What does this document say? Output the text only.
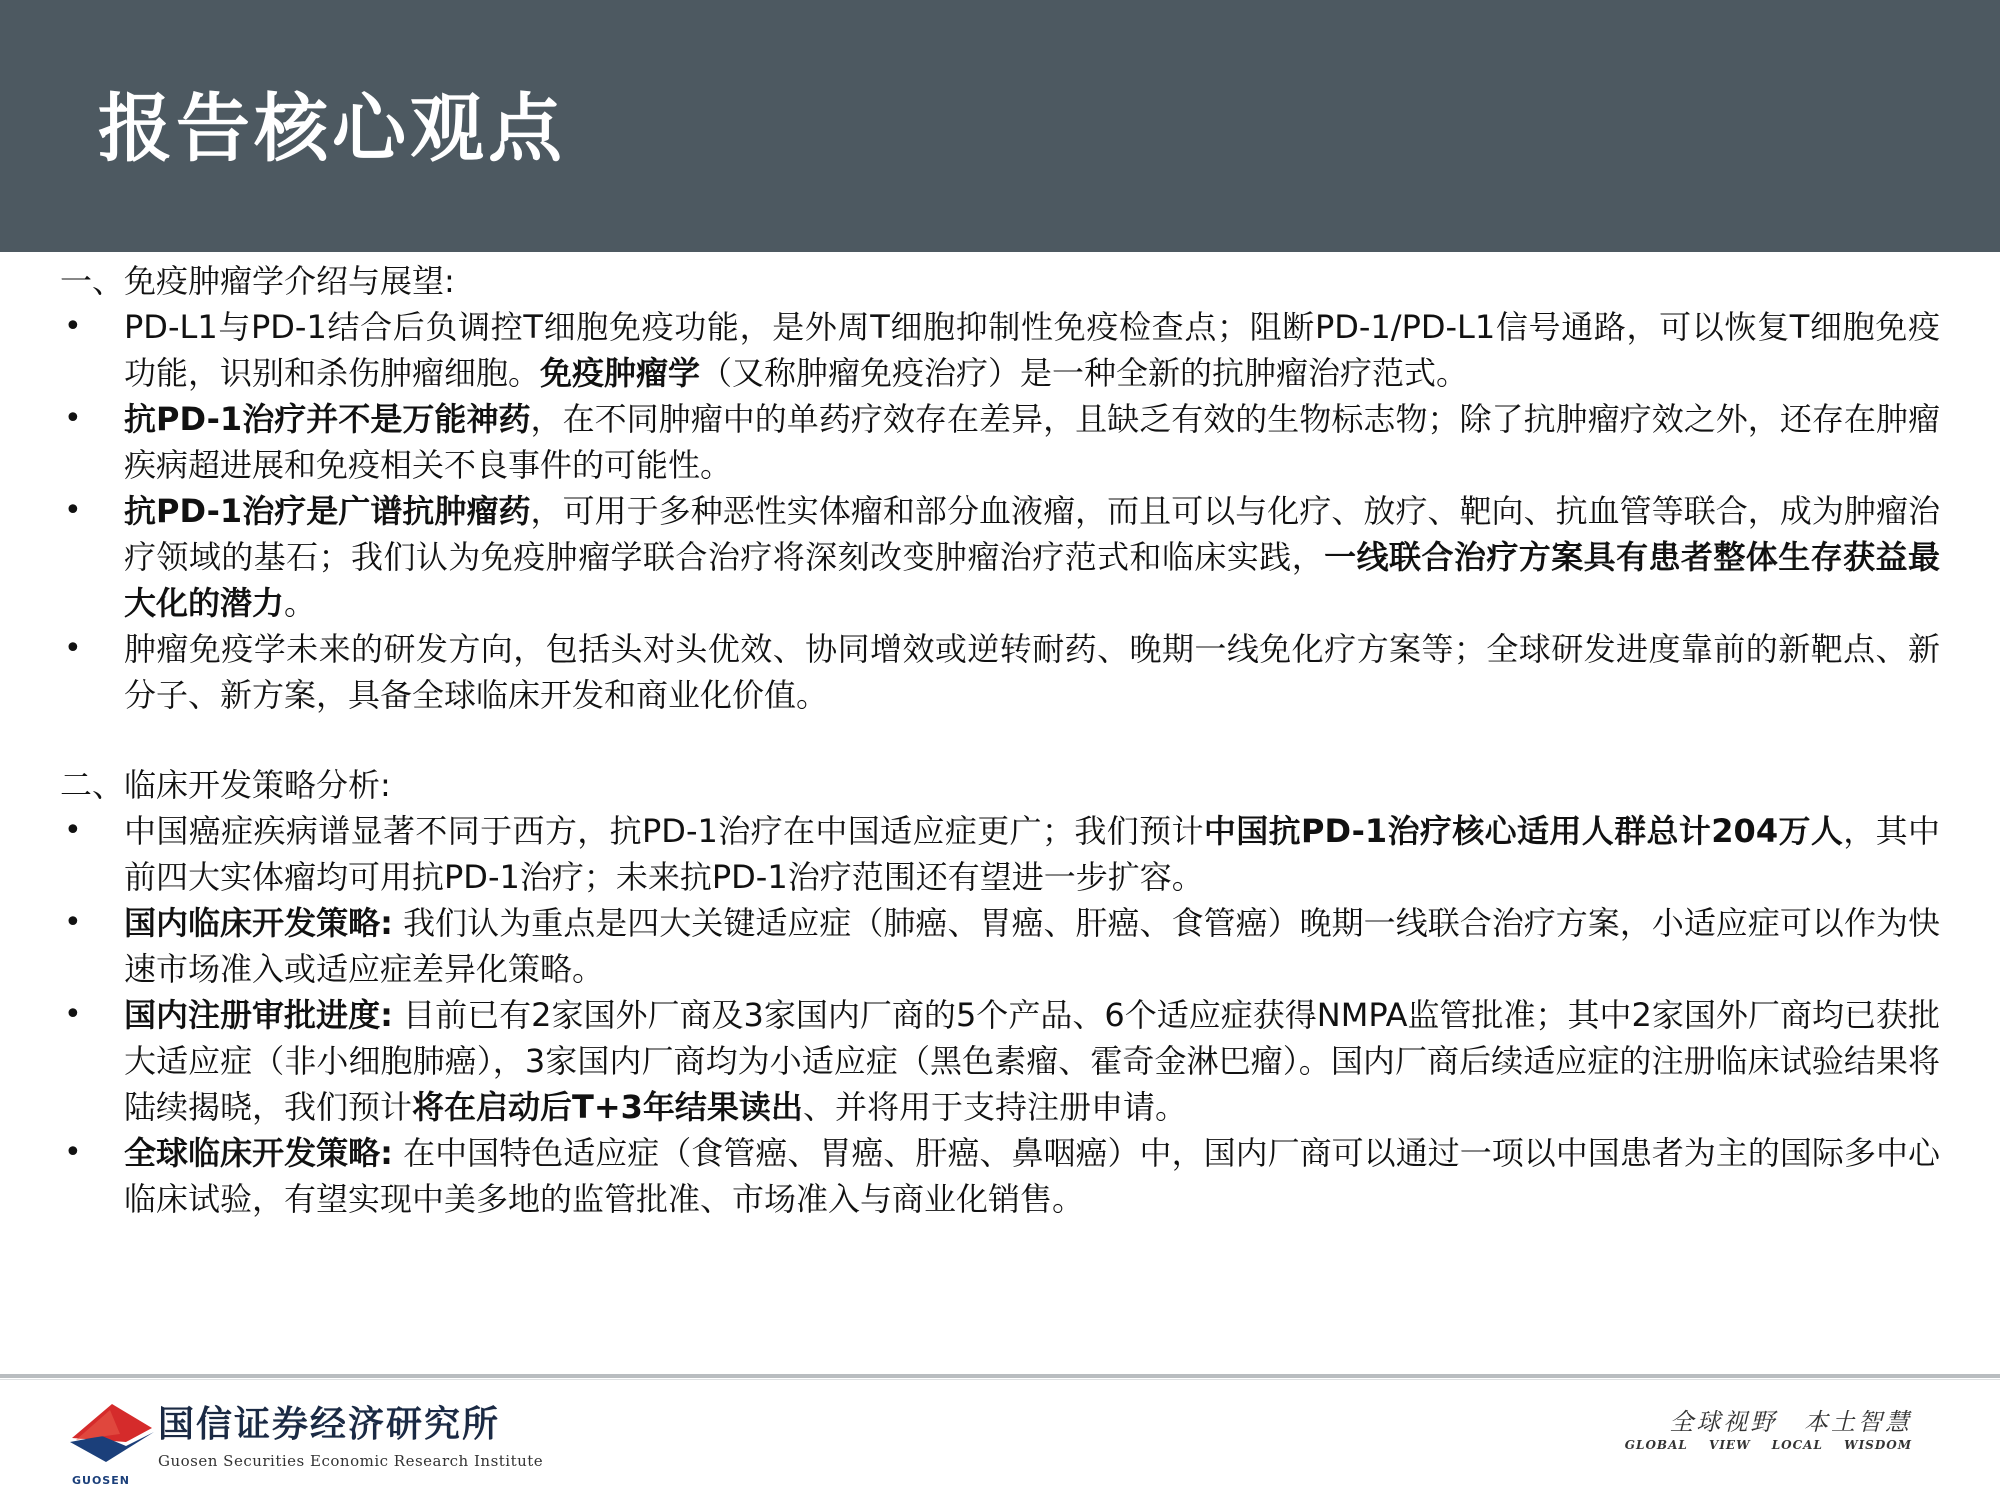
报告核心观点
一、免疫肿瘤学介绍与展望:
• PD-L1与PD-1结合后负调控T细胞免疫功能，是外周T细胞抑制性免疫检查点；阻断PD-1/PD-L1信号通路，可以恢复T细胞免疫功能，识别和杀伤肿瘤细胞。免疫肿瘤学（又称肿瘤免疫治疗）是一种全新的抗肿瘤治疗范式。
• 抗PD-1治疗并不是万能神药，在不同肿瘤中的单药疗效存在差异，且缺乏有效的生物标志物；除了抗肿瘤疗效之外，还存在肿瘤疾病超进展和免疫相关不良事件的可能性。
• 抗PD-1治疗是广谱抗肿瘤药，可用于多种恶性实体瘤和部分血液瘤，而且可以与化疗、放疗、靶向、抗血管等联合，成为肿瘤治疗领域的基石；我们认为免疫肿瘤学联合治疗将深刻改变肿瘤治疗范式和临床实践，一线联合治疗方案具有患者整体生存获益最大化的潜力。
• 肿瘤免疫学未来的研发方向，包括头对头优效、协同增效或逆转耐药、晚期一线免化疗方案等；全球研发进度靠前的新靶点、新分子、新方案，具备全球临床开发和商业化价值。
二、临床开发策略分析:
• 中国癌症疾病谱显著不同于西方，抗PD-1治疗在中国适应症更广；我们预计中国抗PD-1治疗核心适用人群总计204万人，其中前四大实体瘤均可用抗PD-1治疗；未来抗PD-1治疗范围还有望进一步扩容。
• 国内临床开发策略: 我们认为重点是四大关键适应症（肺癌、胃癌、肝癌、食管癌）晚期一线联合治疗方案，小适应症可以作为快速市场准入或适应症差异化策略。
• 国内注册审批进度: 目前已有2家国外厂商及3家国内厂商的5个产品、6个适应症获得NMPA监管批准；其中2家国外厂商均已获批大适应症（非小细胞肺癌），3家国内厂商均为小适应症（黑色素瘤、霍奇金淋巴瘤）。国内厂商后续适应症的注册临床试验结果将陆续揭晓，我们预计将在启动后T+3年结果读出、并将用于支持注册申请。
• 全球临床开发策略: 在中国特色适应症（食管癌、胃癌、肝癌、鼻咽癌）中，国内厂商可以通过一项以中国患者为主的国际多中心临床试验，有望实现中美多地的监管批准、市场准入与商业化销售。
GUOSEN
国信证券经济研究所
Guosen Securities Economic Research Institute
全球视野 本土智慧
GLOBAL VIEW LOCAL WISDOM
